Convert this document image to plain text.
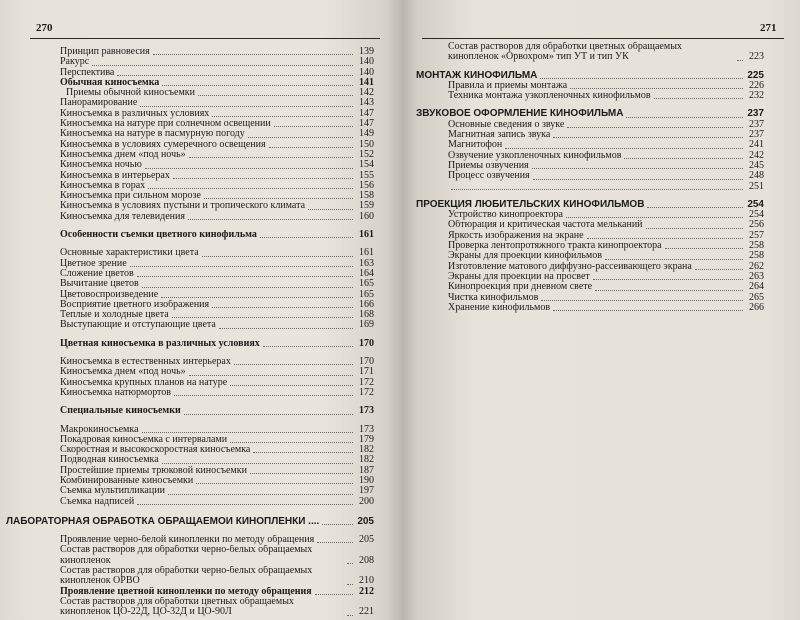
270
Принцип равновесия	139
Ракурс	140
Перспектива	140
Обычная киносъемка	141
Приемы обычной киносъемки	142
Панорамирование	143
Киносъемка в различных условиях	147
Киносъемка на натуре при солнечном освещении	147
Киносъемка на натуре в пасмурную погоду	149
Киносъемка в условиях сумеречного освещения	150
Киносъемка днем «под ночь»	152
Киносъемка ночью	154
Киносъемка в интерьерах	155
Киносъемка в горах	156
Киносъемка при сильном морозе	158
Киносъемка в условиях пустыни и тропического климата	159
Киносъемка для телевидения	160
Особенности съемки цветного кинофильма	161
Основные характеристики цвета	161
Цветное зрение	163
Сложение цветов	164
Вычитание цветов	165
Цветовоспроизведение	165
Восприятие цветного изображения	166
Теплые и холодные цвета	168
Выступающие и отступающие цвета	169
Цветная киносъемка в различных условиях	170
Киносъемка в естественных интерьерах	170
Киносъемка днем «под ночь»	171
Киносъемка крупных планов на натуре	172
Киносъемка натюрмортов	172
Специальные киносъемки	173
Макрокиносъемка	173
Покадровая киносъемка с интервалами	179
Скоростная и высокоскоростная киносъемка	182
Подводная киносъемка	182
Простейшие приемы трюковой киносъемки	187
Комбинированные киносъемки	190
Съемка мультипликации	197
Съемка надписей	200
ЛАБОРАТОРНАЯ ОБРАБОТКА ОБРАЩАЕМОЙ КИНОПЛЕНКИ ....	205
Проявление черно-белой кинопленки по методу обращения	205
Состав растворов для обработки черно-белых обращаемых кинопленок	208
Состав растворов для обработки черно-белых обращаемых кинопленок ОРВО	210
Проявление цветной кинопленки по методу обращения	212
Состав растворов для обработки цветных обращаемых кинопленок ЦО-22Д, ЦО-32Д и ЦО-90Л	221
271
Состав растворов для обработки цветных обращаемых кинопленок «Орвохром» тип УТ и тип УК	223
МОНТАЖ КИНОФИЛЬМА	225
Правила и приемы монтажа	226
Техника монтажа узкопленочных кинофильмов	232
ЗВУКОВОЕ ОФОРМЛЕНИЕ КИНОФИЛЬМА	237
Основные сведения о звуке	237
Магнитная запись звука	237
Магнитофон	241
Озвучение узкопленочных кинофильмов	242
Приемы озвучения	245
Процесс озвучения	248
251
ПРОЕКЦИЯ ЛЮБИТЕЛЬСКИХ КИНОФИЛЬМОВ	254
Устройство кинопроектора	254
Обтюрация и критическая частота мельканий	256
Яркость изображения на экране	257
Проверка лентопротяжного тракта кинопроектора	258
Экраны для проекции кинофильмов	258
Изготовление матового диффузно-рассеивающего экрана	262
Экраны для проекции на просвет	263
Кинопроекция при дневном свете	264
Чистка кинофильмов	265
Хранение кинофильмов	266
